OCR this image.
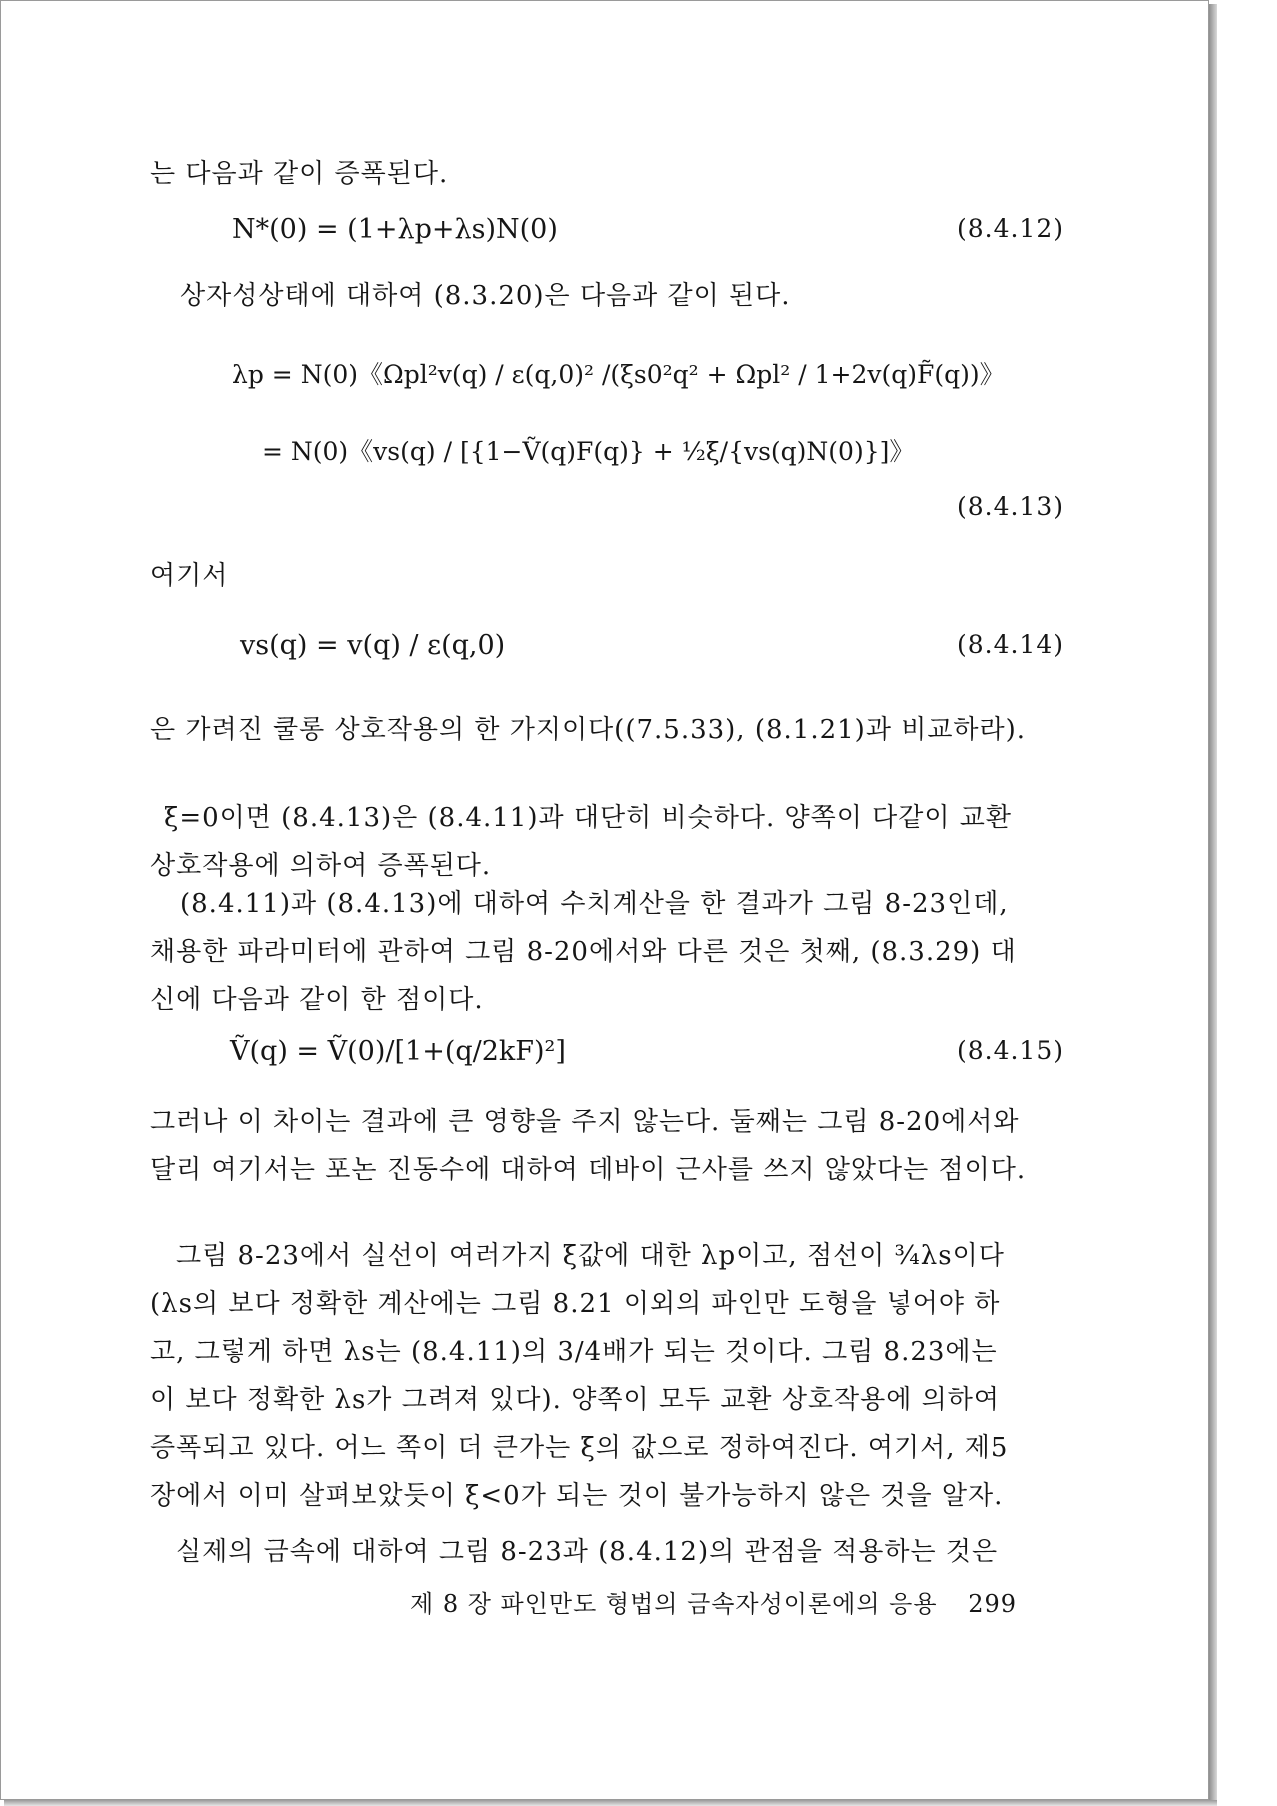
는 다음과 같이 증폭된다.
N*(0) = (1+λp+λs)N(0)	(8.4.12)
상자성상태에 대하여 (8.3.20)은 다음과 같이 된다.
λp = N(0)《Ωpl²v(q) / ε(q,0)² /(ξs0²q² + Ωpl² / 1+2v(q)F̃(q))》
= N(0)《vs(q) / [{1−Ṽ(q)F(q)} + ½ξ/{vs(q)N(0)}]》
(8.4.13)
여기서
vs(q) = v(q) / ε(q,0)	(8.4.14)
은 가려진 쿨롱 상호작용의 한 가지이다((7.5.33), (8.1.21)과 비교하라).
ξ=0이면 (8.4.13)은 (8.4.11)과 대단히 비슷하다. 양쪽이 다같이 교환 상호작용에 의하여 증폭된다.
(8.4.11)과 (8.4.13)에 대하여 수치계산을 한 결과가 그림 8-23인데, 채용한 파라미터에 관하여 그림 8-20에서와 다른 것은 첫째, (8.3.29) 대신에 다음과 같이 한 점이다.
Ṽ(q) = Ṽ(0)/[1+(q/2kF)²]	(8.4.15)
그러나 이 차이는 결과에 큰 영향을 주지 않는다. 둘째는 그림 8-20에서와 달리 여기서는 포논 진동수에 대하여 데바이 근사를 쓰지 않았다는 점이다.
그림 8-23에서 실선이 여러가지 ξ값에 대한 λp이고, 점선이 ¾λs이다 (λs의 보다 정확한 계산에는 그림 8.21 이외의 파인만 도형을 넣어야 하고, 그렇게 하면 λs는 (8.4.11)의 3/4배가 되는 것이다. 그림 8.23에는 이 보다 정확한 λs가 그려져 있다). 양쪽이 모두 교환 상호작용에 의하여 증폭되고 있다. 어느 쪽이 더 큰가는 ξ의 값으로 정하여진다. 여기서, 제5장에서 이미 살펴보았듯이 ξ<0가 되는 것이 불가능하지 않은 것을 알자.
실제의 금속에 대하여 그림 8-23과 (8.4.12)의 관점을 적용하는 것은
제 8 장 파인만도 형법의 금속자성이론에의 응용 299
